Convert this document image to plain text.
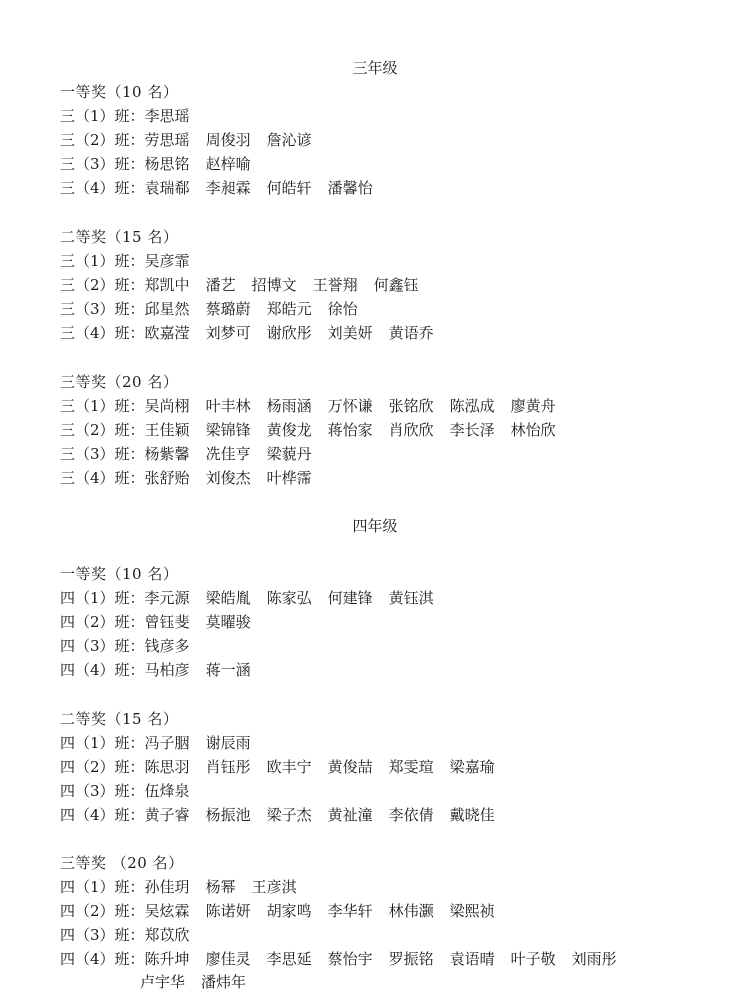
三年级
一等奖（10 名）
三（1）班：李思瑶
三（2）班：劳思瑶 周俊羽 詹沁谚
三（3）班：杨思铭 赵梓喻
三（4）班：袁瑞郗 李昶霖 何皓轩 潘馨怡
二等奖（15 名）
三（1）班：吴彦霏
三（2）班：郑凯中 潘艺 招博文 王誉翔 何鑫钰
三（3）班：邱星然 蔡璐蔚 郑皓元 徐怡
三（4）班：欧嘉滢 刘梦可 谢欣彤 刘美妍 黄语乔
三等奖（20 名）
三（1）班：吴尚栩 叶丰林 杨雨涵 万怀谦 张铭欣 陈泓成 廖黄舟
三（2）班：王佳颖 梁锦锋 黄俊龙 蒋怡家 肖欣欣 李长泽 林怡欣
三（3）班：杨紫馨 冼佳亨 梁藐丹
三（4）班：张舒贻 刘俊杰 叶桦霈
四年级
一等奖（10 名）
四（1）班：李元源 梁皓胤 陈家弘 何建锋 黄钰淇
四（2）班：曾钰斐 莫曜骏
四（3）班：钱彦多
四（4）班：马柏彦 蒋一涵
二等奖（15 名）
四（1）班：冯子胭 谢辰雨
四（2）班：陈思羽 肖钰彤 欧丰宁 黄俊喆 郑雯瑄 梁嘉瑜
四（3）班：伍烽泉
四（4）班：黄子睿 杨振池 梁子杰 黄祉潼 李依倩 戴晓佳
三等奖 （20 名）
四（1）班：孙佳玥 杨幂 王彦淇
四（2）班：吴炫霖 陈诺妍 胡家鸣 李华轩 林伟灏 梁熙祯
四（3）班：郑苡欣
四（4）班：陈升坤 廖佳灵 李思延 蔡怡宇 罗振铭 袁语晴 叶子敬 刘雨彤
卢宇华 潘炜年
